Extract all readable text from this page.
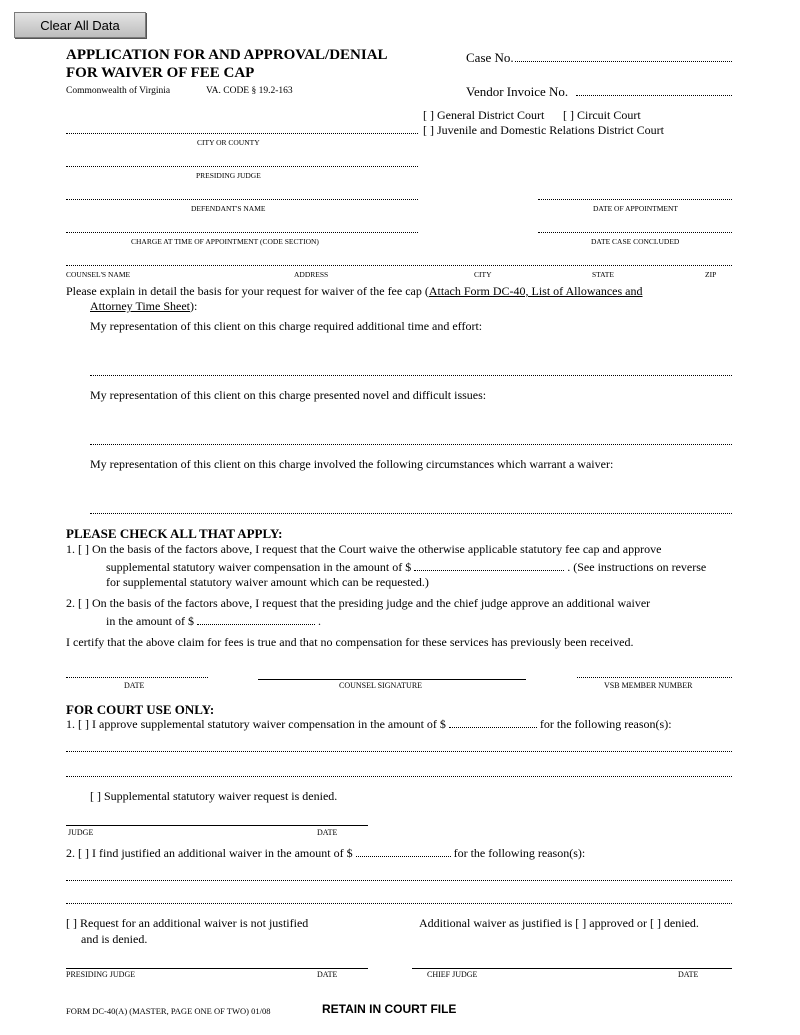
Clear All Data
APPLICATION FOR AND APPROVAL/DENIAL
FOR WAIVER OF FEE CAP
Commonwealth of Virginia	VA. CODE § 19.2-163
Case No.
Vendor Invoice No.
[ ] General District Court [ ] Circuit Court
[ ] Juvenile and Domestic Relations District Court
CITY OR COUNTY
PRESIDING JUDGE
DEFENDANT'S NAME	DATE OF APPOINTMENT
CHARGE AT TIME OF APPOINTMENT (CODE SECTION)	DATE CASE CONCLUDED
COUNSEL'S NAME	ADDRESS	CITY	STATE	ZIP
Please explain in detail the basis for your request for waiver of the fee cap (Attach Form DC-40, List of Allowances and
Attorney Time Sheet):
My representation of this client on this charge required additional time and effort:
My representation of this client on this charge presented novel and difficult issues:
My representation of this client on this charge involved the following circumstances which warrant a waiver:
PLEASE CHECK ALL THAT APPLY:
1. [ ] On the basis of the factors above, I request that the Court waive the otherwise applicable statutory fee cap and approve
supplemental statutory waiver compensation in the amount of $	. (See instructions on reverse
for supplemental statutory waiver amount which can be requested.)
2. [ ] On the basis of the factors above, I request that the presiding judge and the chief judge approve an additional waiver
in the amount of $	.
I certify that the above claim for fees is true and that no compensation for these services has previously been received.
DATE	COUNSEL SIGNATURE	VSB MEMBER NUMBER
FOR COURT USE ONLY:
1. [ ] I approve supplemental statutory waiver compensation in the amount of $	for the following reason(s):
[ ] Supplemental statutory waiver request is denied.
JUDGE	DATE
2. [ ] I find justified an additional waiver in the amount of $	for the following reason(s):
[ ] Request for an additional waiver is not justified
and is denied.
Additional waiver as justified is [ ] approved or [ ] denied.
PRESIDING JUDGE	DATE	CHIEF JUDGE	DATE
FORM DC-40(A) (MASTER, PAGE ONE OF TWO) 01/08	RETAIN IN COURT FILE
